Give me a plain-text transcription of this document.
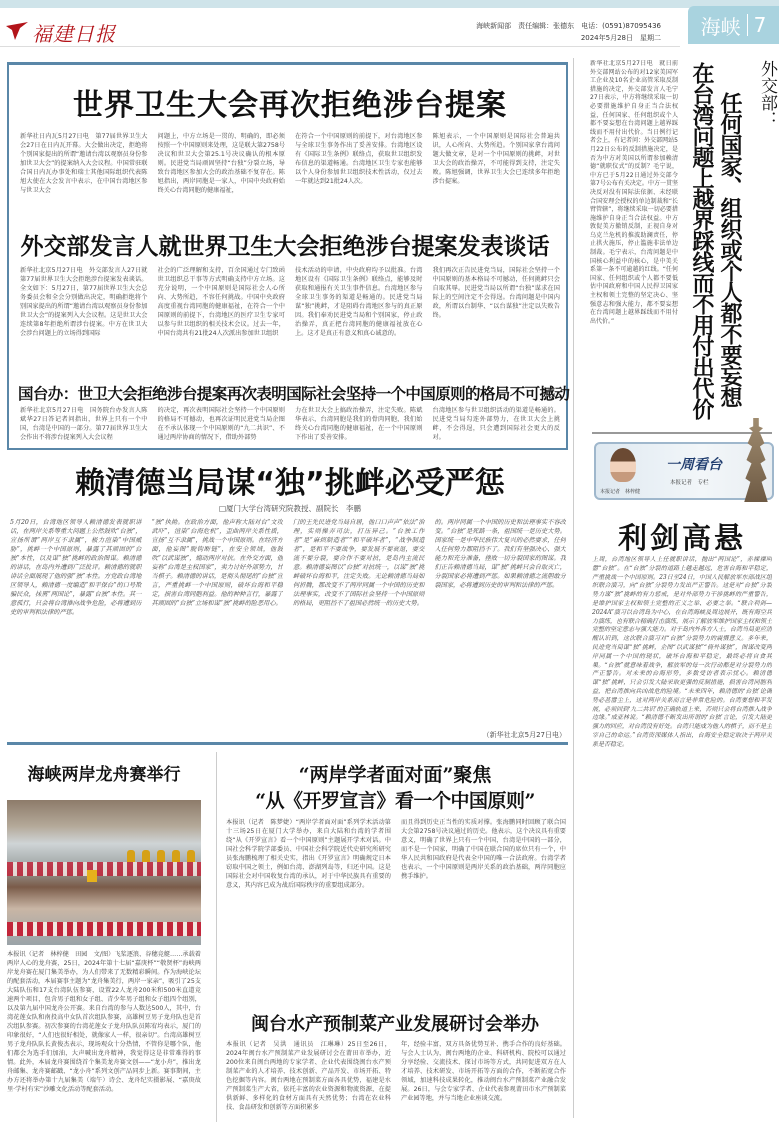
福建日报	海峡新闻部　责任编辑：张德东　电话：(0591)87095436
2024年5月28日　星期二 海峡 7
世界卫生大会再次拒绝涉台提案
新华社日内瓦5月27日电　第77届世界卫生大会27日在日内瓦开幕。大会做出决定，拒绝将个别国家提出的所谓“邀请台湾以观察员身份参加世卫大会”的提案纳入大会议程。中国常驻联合国日内瓦办事处和瑞士其他国际组织代表陈旭大使在大会发言中表示，在中国台湾地区参与世卫大会
问题上，中方立场是一贯的、明确的，即必须按照一个中国原则来处理，这是联大第2758号决议和世卫大会第25.1号决议确认的根本原则。民进党当局顽固坚持“台独”分裂立场，导致台湾地区参加大会的政治基础不复存在。陈旭指出，两岸同胞是一家人，中国中央政府始终关心台湾同胞的健康福祉，
在符合一个中国原则的前提下，对台湾地区参与全球卫生事务作出了妥善安排。台湾地区设有《国际卫生条例》联络点，获取世卫组织发布信息的渠道畅通。台湾地区卫生专家也能够以个人身份参加世卫组织技术性活动，仅过去一年就达到21批24人次。
陈旭表示，一个中国原则是国际社会普遍共识，人心所向、大势所趋。个别国家拿台湾问题大做文章，是对一个中国原则的挑衅，对世卫大会的政治操弄，不可能得到支持，注定失败。陈旭强调，世界卫生大会已连续多年拒绝涉台提案。
外交部发言人就世界卫生大会拒绝涉台提案发表谈话
新华社北京5月27日电　外交部发言人27日就第77届世界卫生大会拒绝涉台提案发表谈话。全文如下：5月27日，第77届世界卫生大会总务委员会和全会分别做出决定，明确拒绝将个别国家提出的所谓“邀请台湾以观察员身份参加世卫大会”的提案列入大会议程。这是世卫大会连续第8年拒绝所谓涉台提案。中方在世卫大会涉台问题上的立场得到国际
社会的广泛理解和支持，百余国通过专门致函世卫组织总干事等方式明确支持中方立场。这充分说明，一个中国原则是国际社会人心所向、大势所趋，不容任何挑战。中国中央政府高度重视台湾同胞的健康福祉，在符合一个中国原则的前提下，台湾地区的医疗卫生专家可以参与世卫组织的相关技术会议。过去一年，中国台湾共有21批24人次派出参加世卫组织
技术活动的申请，中央政府均予以批准。台湾地区设有《国际卫生条例》联络点，能够及时获取和通报有关卫生事件信息。台湾地区参与全球卫生事务的渠道是畅通的。民进党当局谋“独”挑衅，才是阻碍台湾地区参与的真正原因。我们奉劝民进党当局和个别国家，停止政治操弄，真正把台湾同胞的健康福祉放在心上。这才是真正有意义和真心诚意的。
我们再次正告民进党当局，国际社会坚持一个中国原则的基本格局不可撼动，任何挑衅只会自取其辱。民进党当局以所谓“台独”谋求在国际上的空间注定不会得逞。台湾问题是中国内政，所谓以台制华、“以台谋独”注定以失败告终。
国台办：世卫大会拒绝涉台提案再次表明国际社会坚持一个中国原则的格局不可撼动
新华社北京5月27日电　国务院台办发言人陈斌华27日答记者问指出，世界上只有一个中国，台湾是中国的一部分。第77届世界卫生大会作出不将涉台提案列入大会议程
的决定，再次表明国际社会坚持一个中国原则的格局不可撼动，也再次证明民进党当局企图在不承认体现一个中国原则的“九二共识”、不通过两岸协商的情况下，借助外部势
力在世卫大会上搞政治操弄，注定失败。陈斌华表示，台湾同胞是我们的骨肉同胞，我们始终关心台湾同胞的健康福祉，在一个中国原则下作出了妥善安排。
台湾地区参与世卫组织活动的渠道是畅通的。民进党当局勾连外部势力，在世卫大会上挑衅，不会得逞，只会遭到国际社会更大的反对。
赖清德当局谋“独”挑衅必受严惩
□厦门大学台湾研究院教授、副院长　李鹏
5月20日，台湾地区领导人赖清德发表就职讲话，在两岸关系等重大问题上公然鼓吹“台独”，宣扬所谓“两岸互不隶属”，极力渲染“中国威胁”，挑衅一个中国原则，暴露了其顽固的“台独”本性，以及谋“独”挑衅的政治图谋。赖清德的讲话，在岛内外遭到广泛批评。赖清德的就职讲话全面展现了他的强“独”本性。方党政台湾地区领导人，赖清德一度编造“和平保台”的口号欺骗民众，抹黑“两国论”，暴露“台独”本性。其一意孤行，只会将台湾推向战争危险，必将遭到历史的审判和法律的严惩。
“独”执拗。在政治方面，他声称大陆对台“文攻武吓”，渲染“台海危机”，歪曲两岸关系性质，宣扬“互不隶属”，挑战一个中国原则。在经济方面，他妄图“脱钩断链”，在安全领域，他鼓吹“以武谋独”，煽动两岸对抗。在外交方面，他妄称“台湾是主权国家”，卖力讨好外部势力，甘当棋子。赖清德的讲话，是彻头彻尾的“台独”宣言，严重挑衅一个中国原则，破坏台海和平稳定，损害台湾同胞利益。他的种种言行，暴露了其顽固的“台独”立场和谋“独”挑衅的险恶用心。
门的王先民进党当局自居，他口口声声“依法”治理，实则操弄司法，打压异己。“台独工作者”是“麻烦制造者”“和平破坏者”，“战争制造者”，是和平不要战争，要发展不要衰退，要交流不要分裂，要合作不要对抗，是岛内主流民意。赖清德妄图以“台独”对抗统一，以谋“独”挑衅破坏台海和平，注定失败。无论赖清德当局如何折腾，都改变不了两岸同属一个中国的历史和法理事实，改变不了国际社会坚持一个中国原则的格局，更阻挡不了祖国必然统一的历史大势。
的。两岸同属一个中国的历史和法理事实不容改变。“台独”是死路一条，祖国统一是历史大势。国家统一是中华民族伟大复兴的必然要求，任何人任何势力都阻挡不了。我们有坚强决心、强大能力和充分准备，挫败一切分裂国家的图谋。我们正告赖清德当局，谋“独”挑衅只会自取灭亡，分裂国家必将遭到严惩。如果赖清德之流胆敢分裂国家，必将遭到历史的审判和法律的严惩。
（新华社北京5月27日电）
海峡两岸龙舟赛举行
本报讯（记者　林梓健　田园　文/图）飞桨逐浪、谷穗竞艇……承载着两岸人心的龙舟赛，25日，2024年第十七届“嘉庚杯”“敬贤杯”海峡两岸龙舟赛在厦门集美举办，为人们带来了无数精彩瞬间。作为海峡论坛的配套活动，本届赛事主题为“龙舟集美行，两岸一家亲”，吸引了25支大陆队伍和17支台湾队伍参赛，设置22人龙舟200米和500米直道竞速两个项目，包含男子组和女子组、青少年男子组和女子组四个组别，以及第九届中国龙舟公开赛。来自台湾的参与人数达500人，其中，台湾花莲女队和南投高中女队首次组队参赛，高雄树豆男子龙舟队也是首次组队参赛。初次参赛的台湾花莲女子龙舟队队员陈宥均表示，厦门的印象很好，“人们也很好相处，就像家人一样，很亲切”。台湾高雄树豆男子龙舟队队长黄俊杰表示，现场观众十分热情，不管你是哪个队，他们都会为选手们加油，大声喊出龙舟精神，我觉得这是非常难得的事情。此外，本届龙舟赛围绕首个集美龙舟赛文创——“龙小舟”，推出龙舟邮集、龙舟赛邮戳、“龙小舟”系列文创产品同步上新。赛事期间，主办方还将举办第十九届集美（端午）诗会、龙舟纪实摄影展、“嘉庚故里·学村有宋”沙雕文化活动等配套活动。
“两岸学者面对面”聚焦
“从《开罗宣言》看一个中国原则”
本报讯（记者　陈梦婕）“两岸学者面对面”系列学术活动第十三场25日在厦门大学举办，来自大陆和台湾的学者围绕“从《开罗宣言》看一个中国原则”主题展开学术对话。中国社会科学院学部委员、中国社会科学院近代史研究所研究员张海鹏梳理了相关史实，指出《开罗宣言》明确规定日本窃取中国之领土，例如台湾、澎湖列岛等，归还中国。这是国际社会对中国收复台湾的承认，对于中华民族具有重要的意义，其内容已成为战后国际秩序的重要组成部分。
而且得到历史正当性的实质对撑。张海鹏同时回顾了联合国大会第2758号决议通过的历史。他表示，这个决议具有重要意义，明确了世界上只有一个中国，台湾是中国的一部分，而不是一个国家，明确了中国在联合国的席位只有一个，中华人民共和国政府是代表全中国的唯一合法政府。台湾学者也表示，一个中国原则是两岸关系的政治基础，两岸同胞应携手维护。
闽台水产预制菜产业发展研讨会举办
本报讯（记者　吴洪　通讯员　江琳琳）25日至26日，2024年闽台水产预制菜产业发展研讨会在莆田市举办，近200位来自闽台两地的专家学者、企业代表围绕闽台水产预制菜产业的人才培养、技术创新、产品开发、市场开拓、特色挖掘等内容。闽台两地在预制菜方面各具优势，福建是水产预制菜生产大省，依托丰富的农业资源和物流资源，在提供新鲜、多样化的食材方面具有天然优势；台湾在农业科技、食品研发和创新等方面积累多
年，经验丰富，双方具备优势互补、携手合作的良好基础。与会人士认为，闽台两地的企业、科研机构、院校可以通过分享经验、交流技术、探讨市场等方式，共同促进双方在人才培养、技术研发、市场开拓等方面的合作，不断拓宽合作领域，加速科技成果转化，推动闽台水产预制菜产业融合发展。26日，与会专家学者、企业代表参观莆田市水产预制菜产业园等地，并与当地企业座谈交流。
新华社北京5月27日电　就日前外交部网站公布的对12家美国军工企业及10名企业高管采取反制措施的决定，外交部发言人毛宁27日表示，中方将继续采取一切必要措施维护自身正当合法权益，任何国家、任何组织或个人都不要妄想在台湾问题上越界踩线而不用付出代价。当日例行记者会上，有记者问：外交部网站5月22日公布的反制措施决定，是否为中方对美国以所谓参加赖清德“就职仪式”的反制？毛宁说，中方已于5月22日通过外交部令第7号公布有关决定。中方一贯坚决反对没有国际法依据、未经联合国安理会授权的单边制裁和“长臂管辖”，将继续采取一切必要措施维护自身正当合法权益。中方敦促美方撤销反制，正视自身对乌克兰危机的推波助澜责任，停止拱火施压，停止滥施非法单边制裁。毛宁表示，台湾问题是中国核心利益中的核心，是中美关系第一条不可逾越的红线。“任何国家、任何组织或个人都不要低估中国政府和中国人民捍卫国家主权和领土完整的坚定决心、坚强意志和强大能力，都不要妄想在台湾问题上越界踩线而不用付出代价。”
外交部：
任何国家、组织或个人都不要妄想
在台湾问题上越界踩线而不用付出代价
本报记者　林梓健
一周看台
本报记者　专栏
利剑高悬
上周，台湾地区领导人上任就职讲话，抛出“两国论”，赤裸裸叫嚣“台独”。在“台独”分裂的道路上越走越远，危害台海和平稳定，严重挑战一个中国原则。23日至24日，中国人民解放军东部战区组织联合演习，向“台独”分裂势力发出严正警告。这是对“台独”分裂势力谋“独”挑衅的有力惩戒，是对外部势力干涉挑衅的严重警告，是维护国家主权和领土完整的正义之举、必要之举。“联合利剑—2024A”演习以台湾岛为中心，在台湾海峡及周边展开，既有海空兵力演练，也有联合精确打击演练，展示了解放军维护国家主权和领土完整的坚定意志与强大能力。对于岛内外各方人士，台湾当局更应清醒认识到，这次联合演习对“台独”分裂势力的震慑意义。多年来，民进党当局谋“独”挑衅，企图“以武谋独”“倚外谋独”，图谋改变两岸同属一个中国的现状，破坏台海和平稳定，最终必将自食其果。“台独”就意味着战争，解放军的每一次行动都是对分裂势力的严正警告。对未来的台海形势，多数受访者表示忧心。赖清德谋“独”挑衅，只会引发大陆采取更强的反制措施，损害台湾同胞利益，把台湾推向兵凶战危的险境。“未来四年，赖清德的‘台独’论调势必甚嚣尘上，这对两岸关系而言是非常危险的。台湾要想和平发展，必须回到‘九二共识’的正确轨道上来，否则只会将台湾推入战争边缘。”成亚林说。“赖清德不断发出所谓的‘台独’言论，引发大陆更强力的回应，对台湾没有好处。台湾只能成为他人的棋子，而不是主宰自己的命运。”台湾资深媒体人指出，台海安全稳定取决于两岸关系是否稳定。
